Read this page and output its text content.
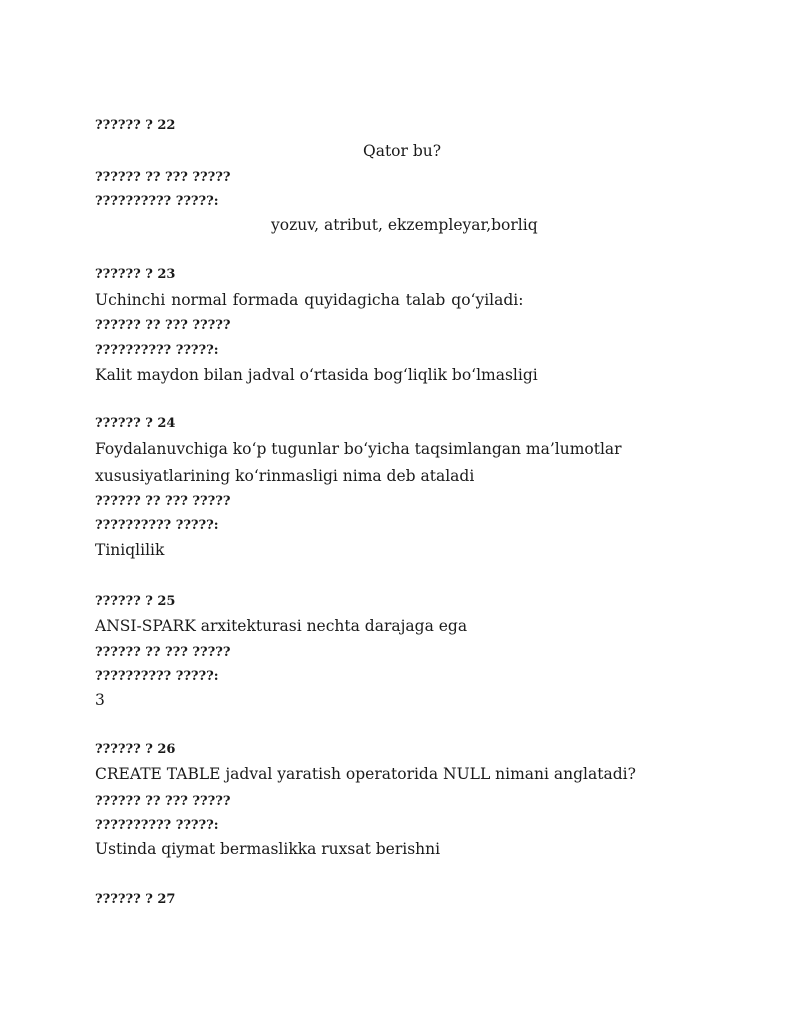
?????? ? 22
Qator bu?
?????? ?? ??? ?????
?????????? ?????:
yozuv, atribut, ekzempleyar,borliq
?????? ? 23
Uchinchi normal formada quyidagicha talab qo‘yiladi:
?????? ?? ??? ?????
?????????? ?????:
Kalit maydon bilan jadval o‘rtasida bog‘liqlik bo‘lmasligi
?????? ? 24
Foydalanuvchiga ko‘p tugunlar bo‘yicha taqsimlangan ma’lumotlar
xususiyatlarining ko‘rinmasligi nima deb ataladi
?????? ?? ??? ?????
?????????? ?????:
Tiniqlilik
?????? ? 25
ANSI-SPARK arxitekturasi nechta darajaga ega
?????? ?? ??? ?????
?????????? ?????:
3
?????? ? 26
CREATE TABLE jadval yaratish operatorida NULL nimani anglatadi?
?????? ?? ??? ?????
?????????? ?????:
Ustinda qiymat bermaslikka ruxsat berishni
?????? ? 27
